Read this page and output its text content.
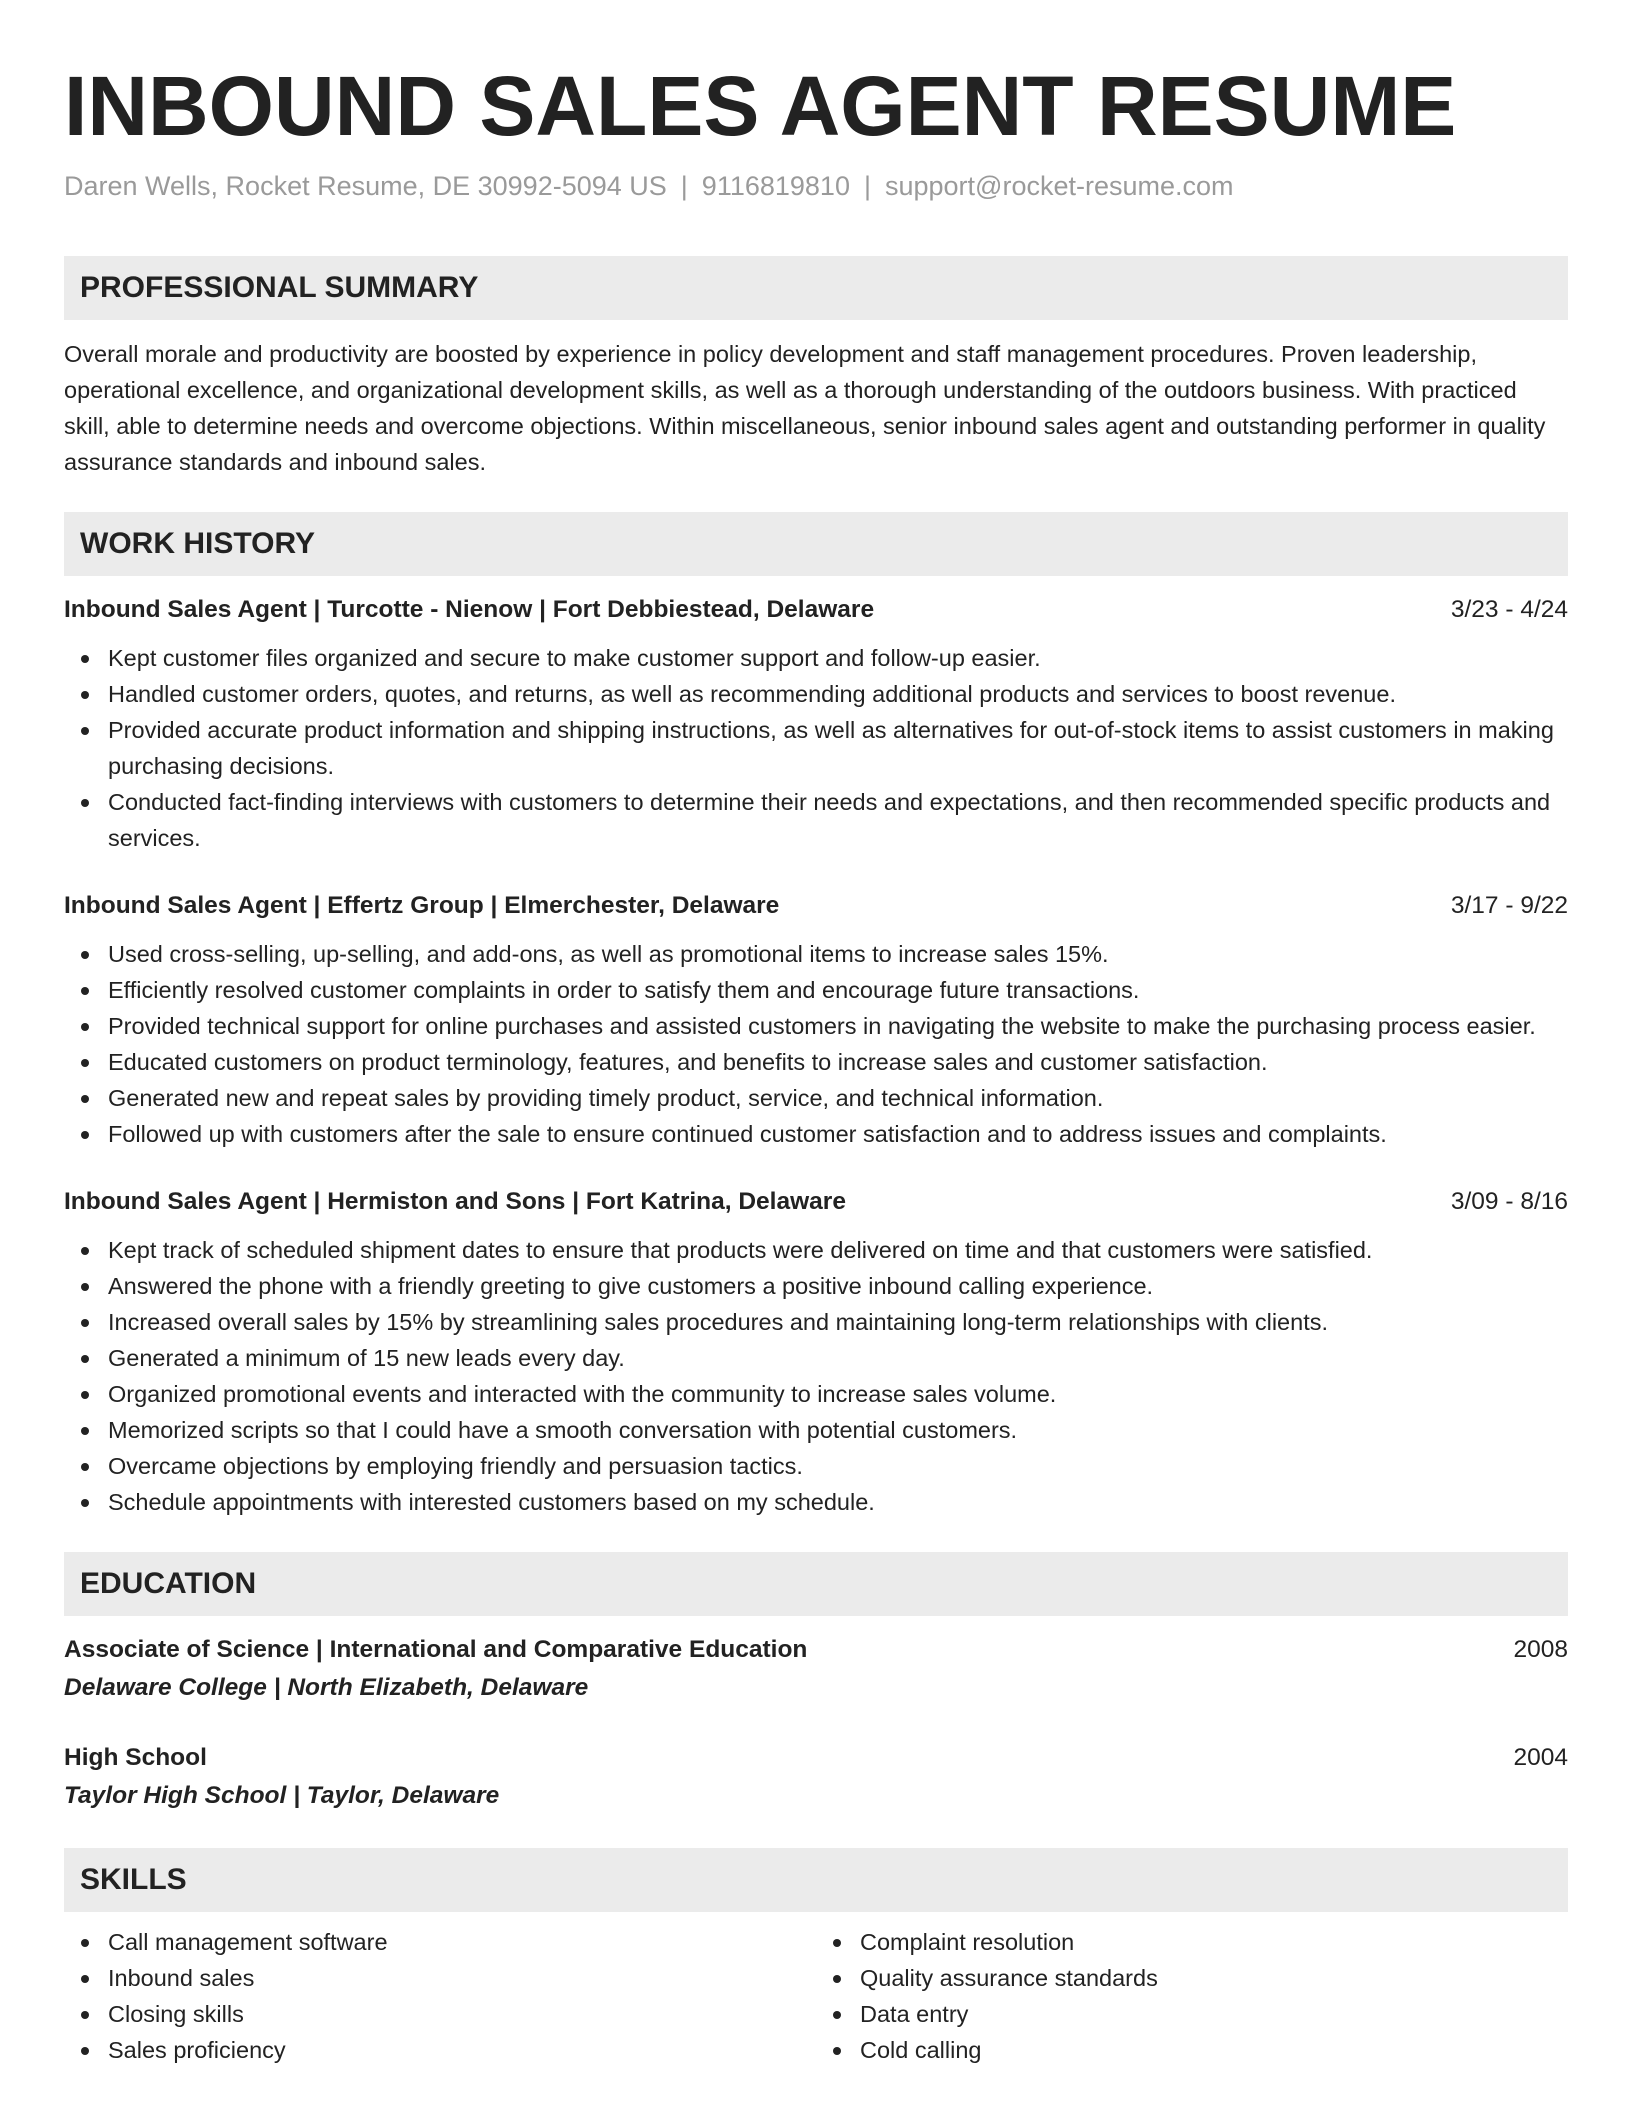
INBOUND SALES AGENT RESUME
Daren Wells, Rocket Resume, DE 30992-5094 US | 9116819810 | support@rocket-resume.com
PROFESSIONAL SUMMARY
Overall morale and productivity are boosted by experience in policy development and staff management procedures. Proven leadership, operational excellence, and organizational development skills, as well as a thorough understanding of the outdoors business. With practiced skill, able to determine needs and overcome objections. Within miscellaneous, senior inbound sales agent and outstanding performer in quality assurance standards and inbound sales.
WORK HISTORY
Inbound Sales Agent | Turcotte - Nienow | Fort Debbiestead, Delaware	3/23 - 4/24
Kept customer files organized and secure to make customer support and follow-up easier.
Handled customer orders, quotes, and returns, as well as recommending additional products and services to boost revenue.
Provided accurate product information and shipping instructions, as well as alternatives for out-of-stock items to assist customers in making purchasing decisions.
Conducted fact-finding interviews with customers to determine their needs and expectations, and then recommended specific products and services.
Inbound Sales Agent | Effertz Group | Elmerchester, Delaware	3/17 - 9/22
Used cross-selling, up-selling, and add-ons, as well as promotional items to increase sales 15%.
Efficiently resolved customer complaints in order to satisfy them and encourage future transactions.
Provided technical support for online purchases and assisted customers in navigating the website to make the purchasing process easier.
Educated customers on product terminology, features, and benefits to increase sales and customer satisfaction.
Generated new and repeat sales by providing timely product, service, and technical information.
Followed up with customers after the sale to ensure continued customer satisfaction and to address issues and complaints.
Inbound Sales Agent | Hermiston and Sons | Fort Katrina, Delaware	3/09 - 8/16
Kept track of scheduled shipment dates to ensure that products were delivered on time and that customers were satisfied.
Answered the phone with a friendly greeting to give customers a positive inbound calling experience.
Increased overall sales by 15% by streamlining sales procedures and maintaining long-term relationships with clients.
Generated a minimum of 15 new leads every day.
Organized promotional events and interacted with the community to increase sales volume.
Memorized scripts so that I could have a smooth conversation with potential customers.
Overcame objections by employing friendly and persuasion tactics.
Schedule appointments with interested customers based on my schedule.
EDUCATION
Associate of Science | International and Comparative Education	2008
Delaware College | North Elizabeth, Delaware
High School	2004
Taylor High School | Taylor, Delaware
SKILLS
Call management software
Inbound sales
Closing skills
Sales proficiency
Complaint resolution
Quality assurance standards
Data entry
Cold calling
